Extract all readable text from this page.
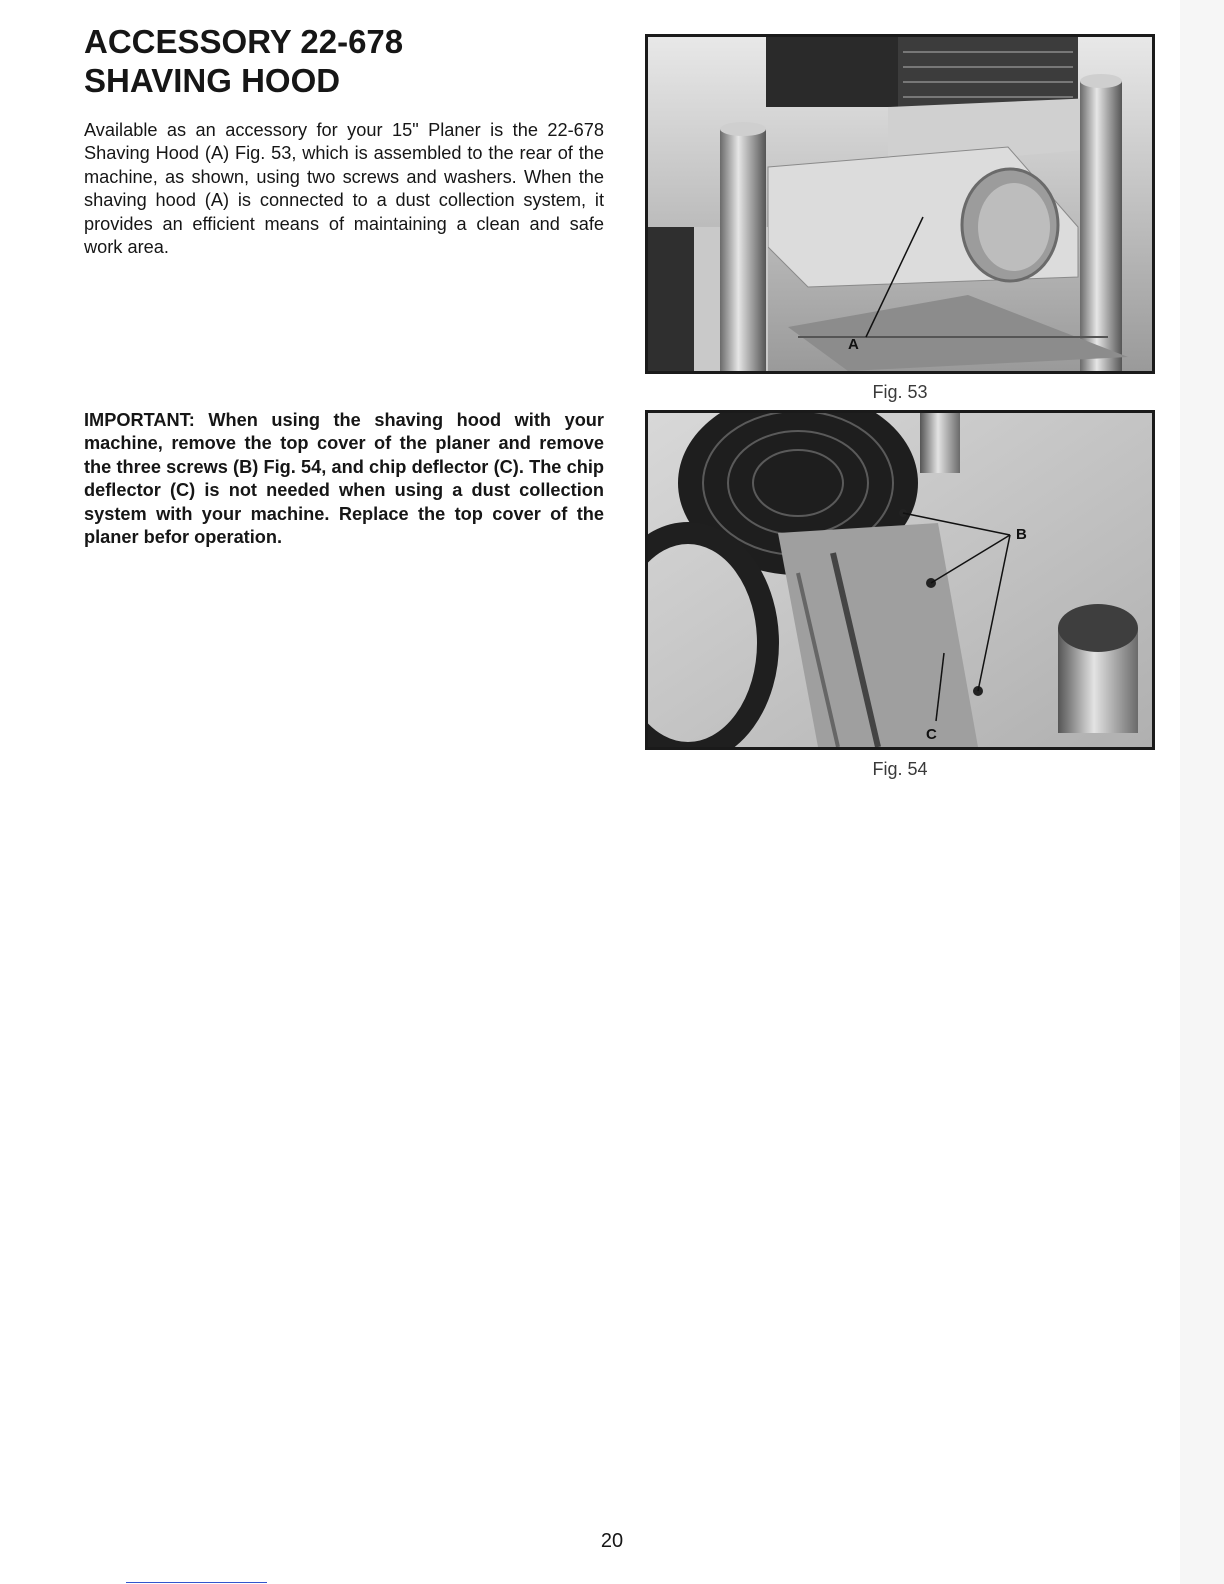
ACCESSORY 22-678
SHAVING HOOD

Available as an accessory for your 15" Planer is the 22-678 Shaving Hood (A) Fig. 53, which is assembled to the rear of the machine, as shown, using two screws and washers. When the shaving hood (A) is connected to a dust collection system, it provides an efficient means of maintaining a clean and safe work area.

IMPORTANT: When using the shaving hood with your machine, remove the top cover of the planer and remove the three screws (B) Fig. 54, and chip deflector (C). The chip deflector (C) is not needed when using a dust collection system with your machine. Replace the top cover of the planer befor operation.

A

Fig. 53

B
C

Fig. 54

20
